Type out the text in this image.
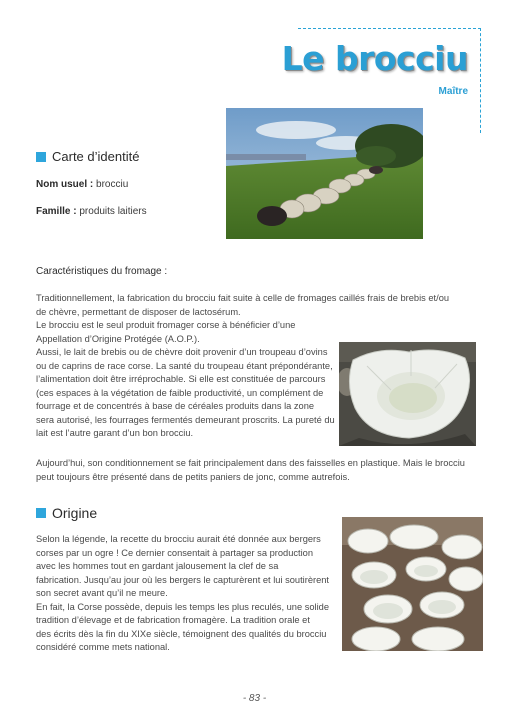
Le brocciu
Maître
Carte d’identité
Nom usuel : brocciu
Famille : produits laitiers
Caractéristiques du fromage :
Traditionnellement, la fabrication du brocciu fait suite à celle de fromages caillés frais de brebis et/ou
de chèvre, permettant de disposer de lactosérum.
Le brocciu est le seul produit fromager corse à bénéficier d’une
Appellation d’Origine Protégée (A.O.P.).
Aussi, le lait de brebis ou de chèvre doit provenir d’un troupeau d’ovins
ou de caprins de race corse. La santé du troupeau étant prépondérante,
l’alimentation doit être irréprochable. Si elle est constituée de parcours
(ces espaces à la végétation de faible productivité, un complément de
fourrage et de concentrés à base de céréales produits dans la zone
sera autorisé, les fourrages fermentés demeurant proscrits. La pureté du
lait est l’autre garant d’un bon brocciu.
Aujourd’hui, son conditionnement se fait principalement dans des faisselles en plastique. Mais le brocciu
peut toujours être présenté dans de petits paniers de jonc, comme autrefois.
Origine
Selon la légende, la recette du brocciu aurait été donnée aux bergers
corses par un ogre ! Ce dernier consentait à partager sa production
avec les hommes tout en gardant jalousement la clef de sa
fabrication. Jusqu’au jour où les bergers le capturèrent et lui soutirèrent
son secret avant qu’il ne meure.
En fait, la Corse possède, depuis les temps les plus reculés, une solide
tradition d’élevage et de fabrication fromagère. La tradition orale et
des écrits dès la fin du XIXe siècle, témoignent des qualités du brocciu
considéré comme mets national.
- 83 -
